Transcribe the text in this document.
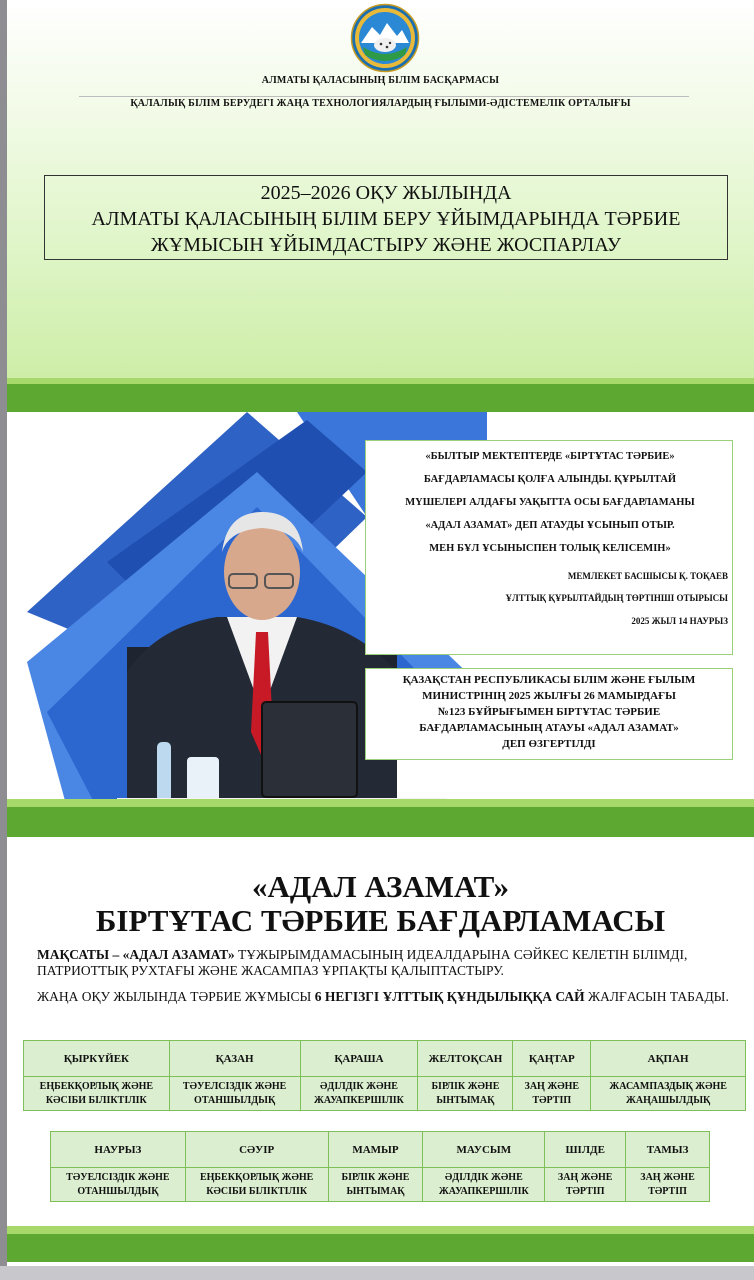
АЛМАТЫ ҚАЛАСЫНЫҢ БІЛІМ БАСҚАРМАСЫ
ҚАЛАЛЫҚ БІЛІМ БЕРУДЕГІ ЖАҢА ТЕХНОЛОГИЯЛАРДЫҢ ҒЫЛЫМИ-ӘДІСТЕМЕЛІК ОРТАЛЫҒЫ
2025–2026 ОҚУ ЖЫЛЫНДА
АЛМАТЫ ҚАЛАСЫНЫҢ БІЛІМ БЕРУ ҰЙЫМДАРЫНДА ТӘРБИЕ
ЖҰМЫСЫН ҰЙЫМДАСТЫРУ ЖӘНЕ ЖОСПАРЛАУ
«БЫЛТЫР МЕКТЕПТЕРДЕ «БІРТҰТАС ТӘРБИЕ»
БАҒДАРЛАМАСЫ ҚОЛҒА АЛЫНДЫ. ҚҰРЫЛТАЙ
МҮШЕЛЕРІ АЛДАҒЫ УАҚЫТТА ОСЫ БАҒДАРЛАМАНЫ
«АДАЛ АЗАМАТ» ДЕП АТАУДЫ ҰСЫНЫП ОТЫР.
МЕН БҰЛ ҰСЫНЫСПЕН ТОЛЫҚ КЕЛІСЕМІН»
МЕМЛЕКЕТ БАСШЫСЫ Қ. ТОҚАЕВ
ҰЛТТЫҚ ҚҰРЫЛТАЙДЫҢ ТӨРТІНШІ ОТЫРЫСЫ
2025 ЖЫЛ 14 НАУРЫЗ
ҚАЗАҚСТАН РЕСПУБЛИКАСЫ БІЛІМ ЖӘНЕ ҒЫЛЫМ
МИНИСТРІНІҢ 2025 ЖЫЛҒЫ 26 МАМЫРДАҒЫ
№123 БҰЙРЫҒЫМЕН БІРТҰТАС ТӘРБИЕ
БАҒДАРЛАМАСЫНЫҢ АТАУЫ «АДАЛ АЗАМАТ»
ДЕП ӨЗГЕРТІЛДІ
«АДАЛ АЗАМАТ»
БІРТҰТАС ТӘРБИЕ БАҒДАРЛАМАСЫ
МАҚСАТЫ – «АДАЛ АЗАМАТ» ТҰЖЫРЫМДАМАСЫНЫҢ ИДЕАЛДАРЫНА СӘЙКЕС КЕЛЕТІН БІЛІМДІ, ПАТРИОТТЫҚ РУХТАҒЫ ЖӘНЕ ЖАСАМПАЗ ҰРПАҚТЫ ҚАЛЫПТАСТЫРУ.
ЖАҢА ОҚУ ЖЫЛЫНДА ТӘРБИЕ ЖҰМЫСЫ 6 НЕГІЗГІ ҰЛТТЫҚ ҚҰНДЫЛЫҚҚА САЙ ЖАЛҒАСЫН ТАБАДЫ.
ҚЫРКҮЙЕК	ҚАЗАН	ҚАРАША	ЖЕЛТОҚСАН	ҚАҢТАР	АҚПАН
ЕҢБЕКҚОРЛЫҚ ЖӘНЕ КӘСІБИ БІЛІКТІЛІК	ТӘУЕЛСІЗДІК ЖӘНЕ ОТАНШЫЛДЫҚ	ӘДІЛДІК ЖӘНЕ ЖАУАПКЕРШІЛІК	БІРЛІК ЖӘНЕ ЫНТЫМАҚ	ЗАҢ ЖӘНЕ ТӘРТІП	ЖАСАМПАЗДЫҚ ЖӘНЕ ЖАҢАШЫЛДЫҚ
НАУРЫЗ	СӘУІР	МАМЫР	МАУСЫМ	ШІЛДЕ	ТАМЫЗ
ТӘУЕЛСІЗДІК ЖӘНЕ ОТАНШЫЛДЫҚ	ЕҢБЕКҚОРЛЫҚ ЖӘНЕ КӘСІБИ БІЛІКТІЛІК	БІРЛІК ЖӘНЕ ЫНТЫМАҚ	ӘДІЛДІК ЖӘНЕ ЖАУАПКЕРШІЛІК	ЗАҢ ЖӘНЕ ТӘРТІП	ЗАҢ ЖӘНЕ ТӘРТІП
